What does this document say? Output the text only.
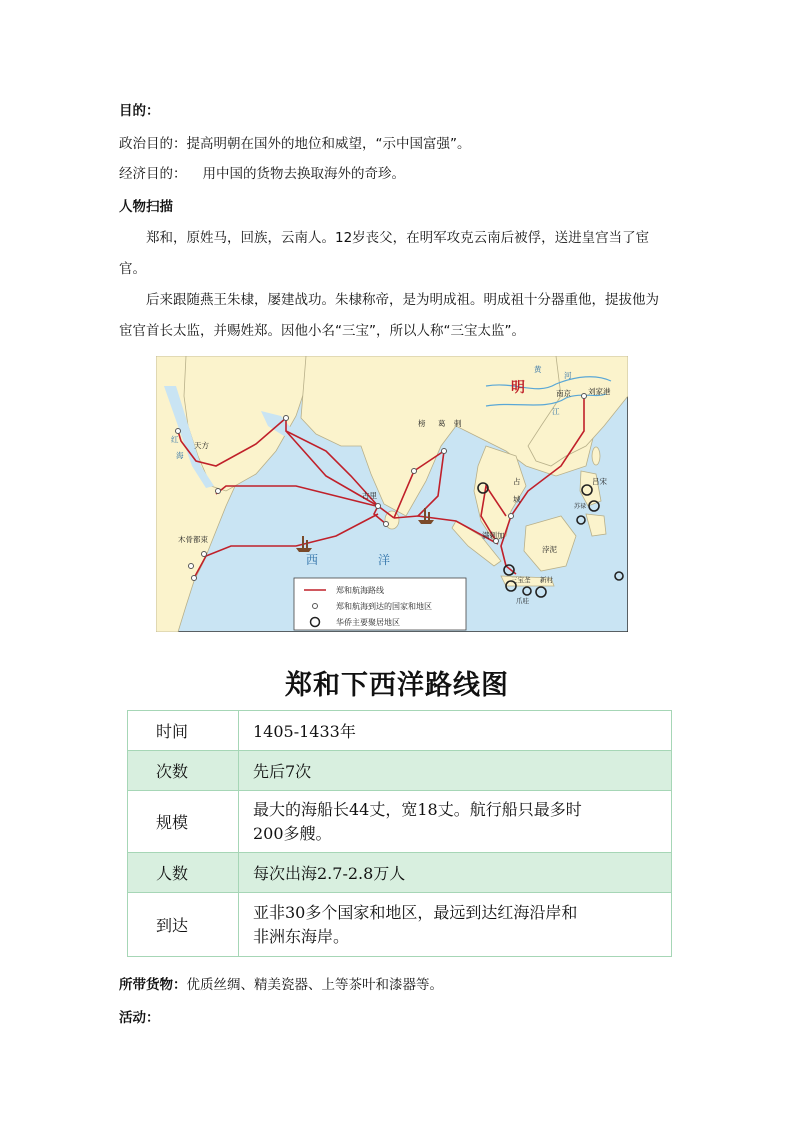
目的：
政治目的：提高明朝在国外的地位和威望，“示中国富强”。
经济目的： 用中国的货物去换取海外的奇珍。
人物扫描
郑和，原姓马，回族，云南人。12岁丧父，在明军攻克云南后被俘，送进皇宫当了宦
官。
后来跟随燕王朱棣，屡建战功。朱棣称帝，是为明成祖。明成祖十分器重他，提拔他为
宦官首长太监，并赐姓郑。因他小名“三宝”，所以人称“三宝太监”。
明
黄
河
江
南京 刘家港
红
海
天方
榜 葛 剌
占
城
吕宋
苏禄
古里
木骨都束	满剌加
浡泥
西	洋
三宝垄 新村
爪哇
郑和航海路线
郑和航海到达的国家和地区
华侨主要聚居地区
郑和下西洋路线图
时间	1405-1433年
次数	先后7次
规模	最大的海船长44丈，宽18丈。航行船只最多时
200多艘。

人数	每次出海2.7-2.8万人
到达	亚非30多个国家和地区，最远到达红海沿岸和
非洲东海岸。
所带货物：优质丝绸、精美瓷器、上等茶叶和漆器等。
活动：
